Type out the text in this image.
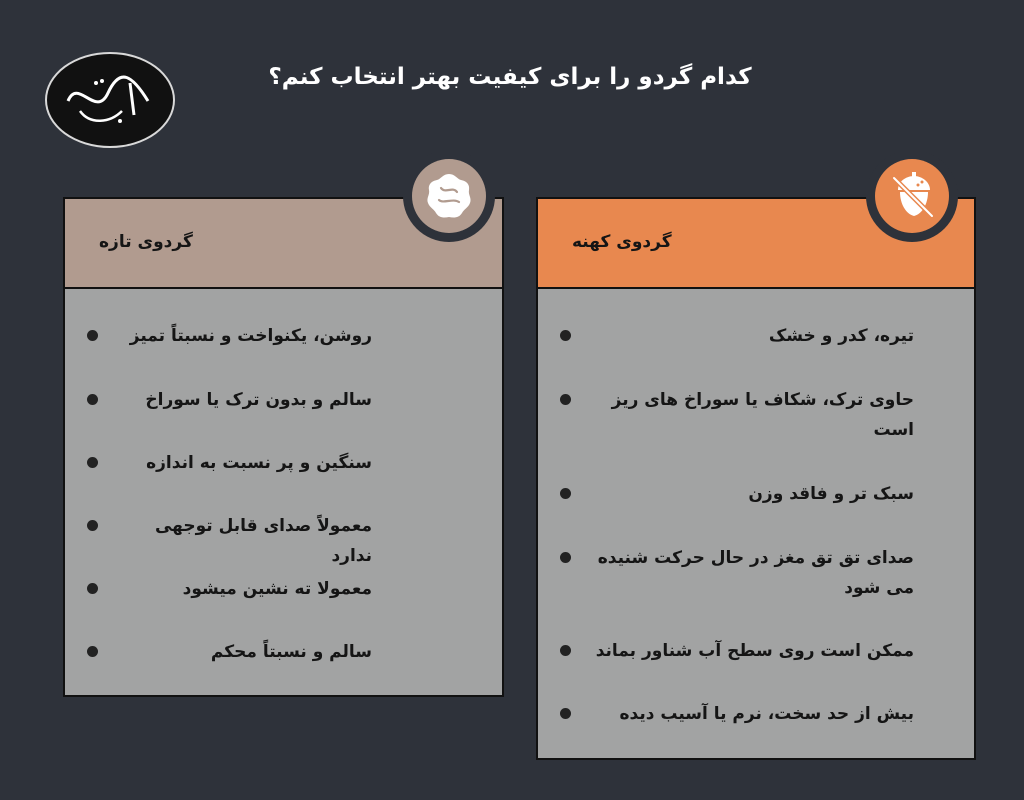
کدام گردو را برای کیفیت بهتر انتخاب کنم؟
گردوی تازه
روشن، یکنواخت و نسبتاً تمیز
سالم و بدون ترک یا سوراخ
سنگین و پر نسبت به اندازه
معمولاً صدای قابل توجهی ندارد
معمولا ته نشین میشود
سالم و نسبتاً محکم
گردوی کهنه
تیره، کدر و خشک
حاوی ترک، شکاف یا سوراخ های ریز است
سبک تر و فاقد وزن
صدای تق تق مغز در حال حرکت شنیده می شود
ممکن است روی سطح آب شناور بماند
بیش از حد سخت، نرم یا آسیب دیده
